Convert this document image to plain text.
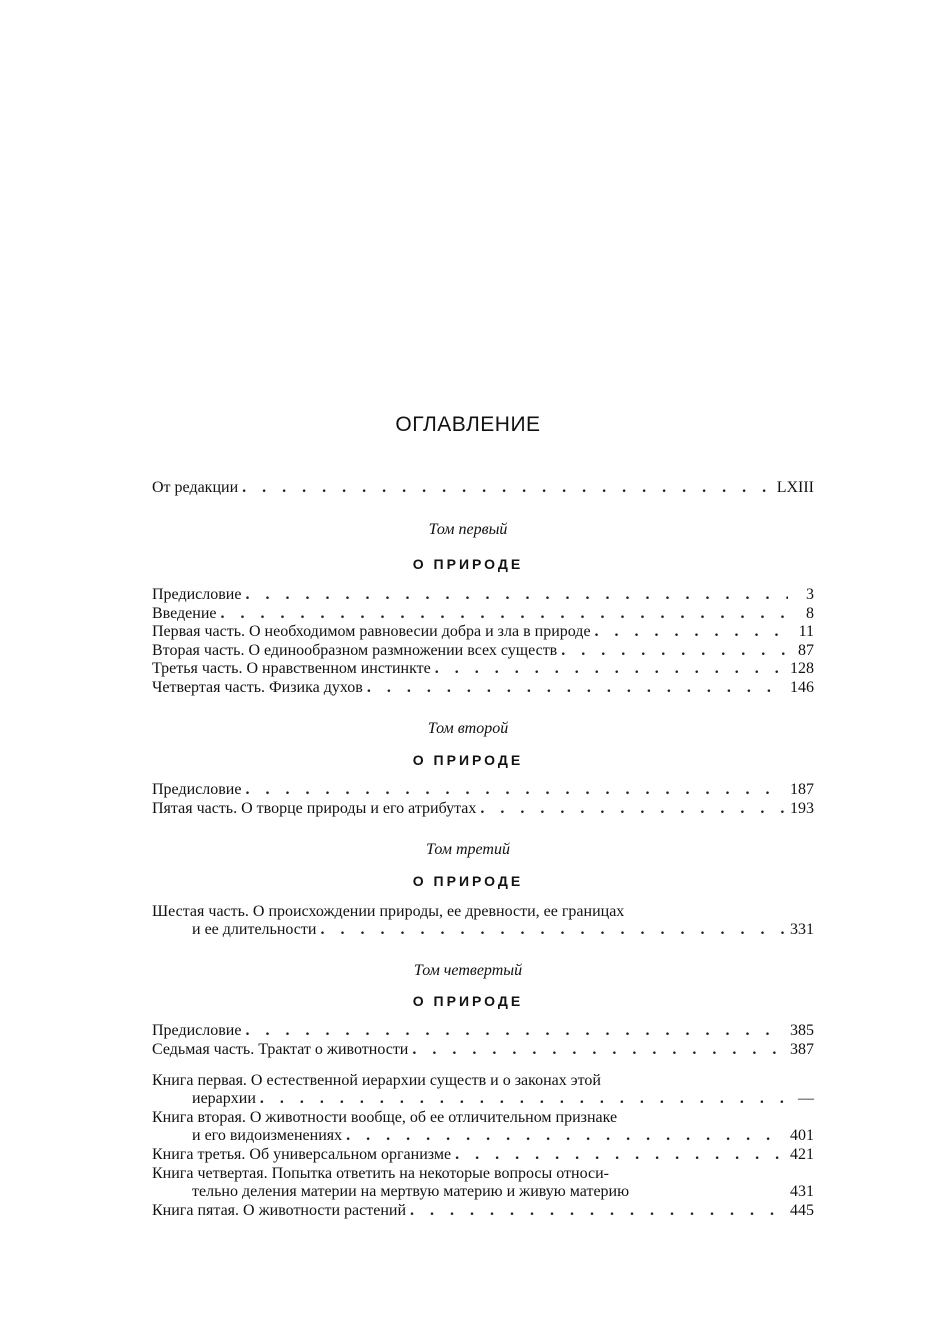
ОГЛАВЛЕНИЕ
От редакции . . .	LXIII
Том первый
О ПРИРОДЕ
Предисловие . . .	3
Введение . . .	8
Первая часть. О необходимом равновесии добра и зла в природе . . .	11
Вторая часть. О единообразном размножении всех существ . . .	87
Третья часть. О нравственном инстинкте . . .	128
Четвертая часть. Физика духов . . .	146
Том второй
О ПРИРОДЕ
Предисловие . . .	187
Пятая часть. О творце природы и его атрибутах . . .	193
Том третий
О ПРИРОДЕ
Шестая часть. О происхождении природы, ее древности, ее границах
и ее длительности . . .	331
Том четвертый
О ПРИРОДЕ
Предисловие . . .	385
Седьмая часть. Трактат о животности . . .	387
Книга первая. О естественной иерархии существ и о законах этой
иерархии . . .	—
Книга вторая. О животности вообще, об ее отличительном признаке
и его видоизменениях . . .	401
Книга третья. Об универсальном организме . . .	421
Книга четвертая. Попытка ответить на некоторые вопросы относи-
тельно деления материи на мертвую материю и живую материю	431
Книга пятая. О животности растений . . .	445
